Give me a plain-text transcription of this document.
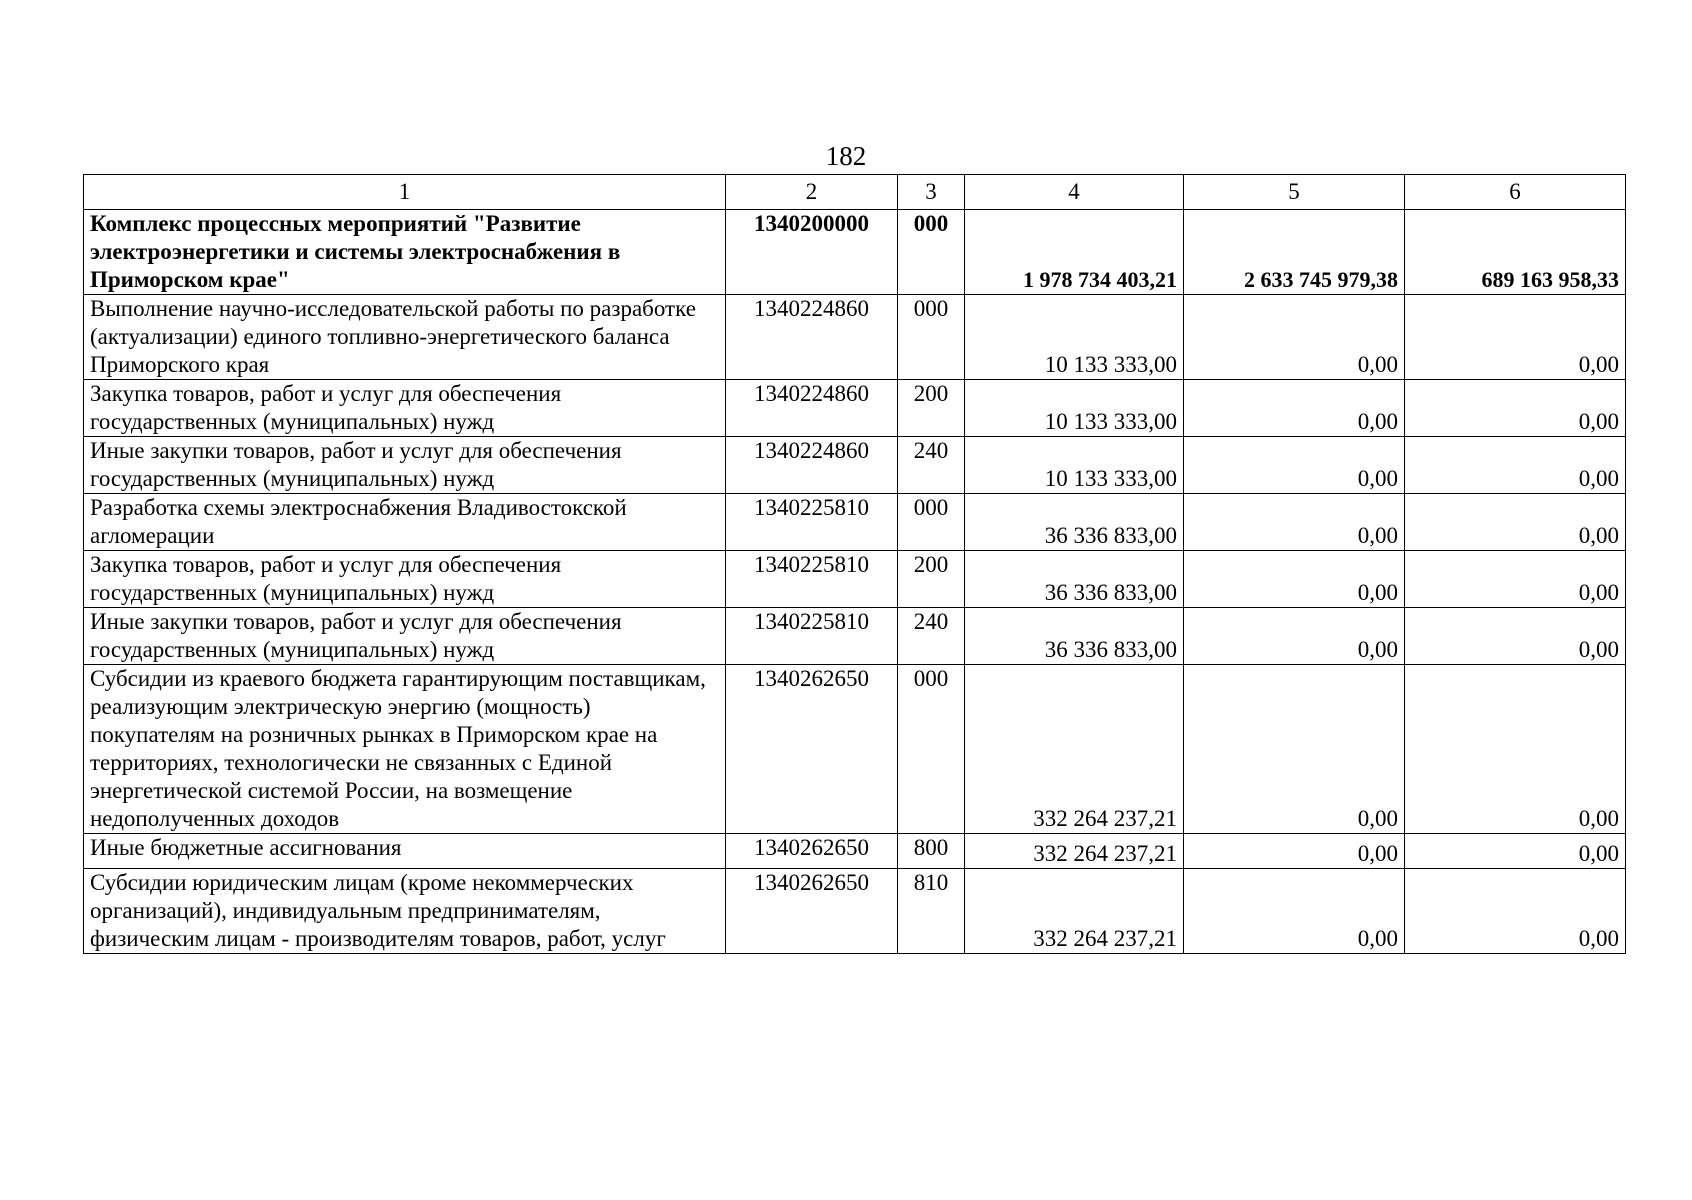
182
1	2	3	4	5	6
Комплекс процессных мероприятий "Развитие электроэнергетики и системы электроснабжения в Приморском крае"	1340200000	000	1 978 734 403,21	2 633 745 979,38	689 163 958,33
Выполнение научно-исследовательской работы по разработке (актуализации) единого топливно-энергетического баланса Приморского края	1340224860	000	10 133 333,00	0,00	0,00
Закупка товаров, работ и услуг для обеспечения государственных (муниципальных) нужд	1340224860	200	10 133 333,00	0,00	0,00
Иные закупки товаров, работ и услуг для обеспечения государственных (муниципальных) нужд	1340224860	240	10 133 333,00	0,00	0,00
Разработка схемы электроснабжения Владивостокской агломерации	1340225810	000	36 336 833,00	0,00	0,00
Закупка товаров, работ и услуг для обеспечения государственных (муниципальных) нужд	1340225810	200	36 336 833,00	0,00	0,00
Иные закупки товаров, работ и услуг для обеспечения государственных (муниципальных) нужд	1340225810	240	36 336 833,00	0,00	0,00
Субсидии из краевого бюджета гарантирующим поставщикам, реализующим электрическую энергию (мощность) покупателям на розничных рынках в Приморском крае на территориях, технологически не связанных с Единой энергетической системой России, на возмещение недополученных доходов	1340262650	000	332 264 237,21	0,00	0,00
Иные бюджетные ассигнования	1340262650	800	332 264 237,21	0,00	0,00
Субсидии юридическим лицам (кроме некоммерческих организаций), индивидуальным предпринимателям, физическим лицам - производителям товаров, работ, услуг	1340262650	810	332 264 237,21	0,00	0,00
